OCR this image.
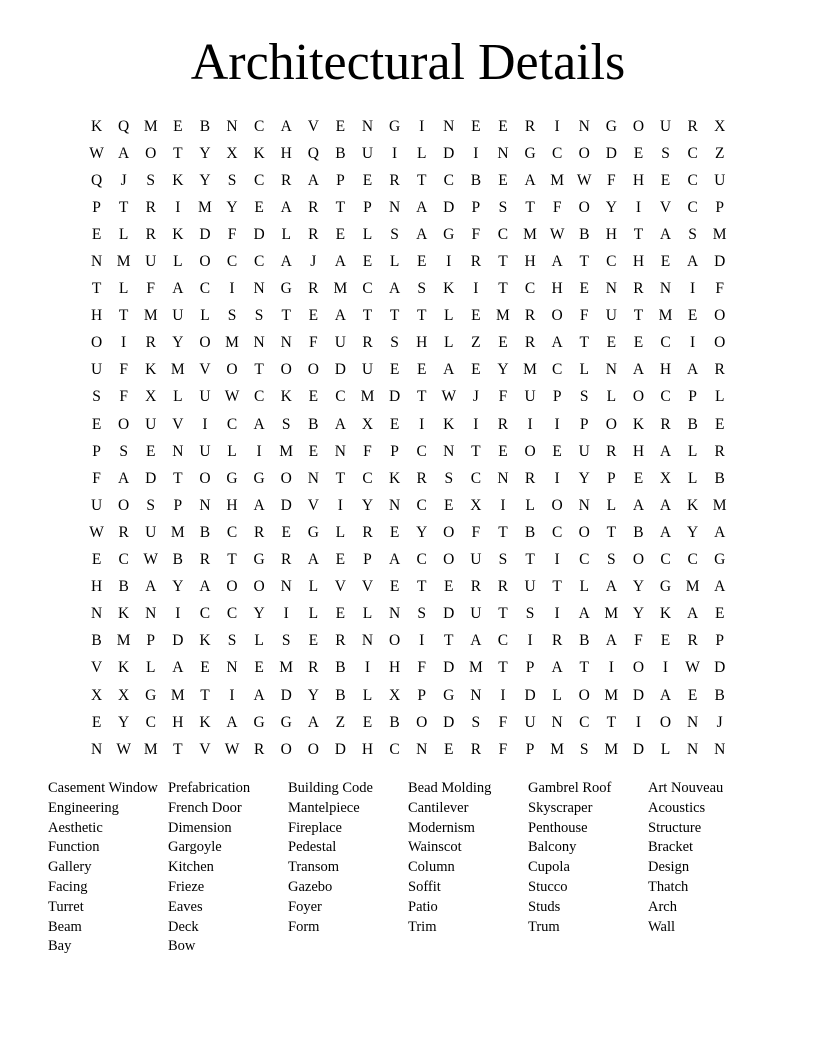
Architectural Details
K	Q M E	B	N	C	A	V	E	N	G	I	N	E	E	R	I	N	G	O	U	R	X
W A	O	T	Y	X	K	H	Q	B	U	I	L	D	I	N	G	C	O	D	E	S	C	Z
Q	J	S	K	Y	S	C	R	A	P	E	R	T	C	B	E	A M W F	H	E	C	U
P	T	R	I	M Y	E	A	R	T	P	N	A	D	P	S	T	F	O	Y	I	V	C	P
E	L	R	K	D	F	D	L	R	E	L	S	A	G	F	C M W B	H	T	A	S	M
N M U	L	O	C	C	A	J	A	E	L	E	I	R	T	H	A	T	C	H	E	A	D
T	L	F	A	C	I	N	G	R M C	A	S	K	I	T	C	H	E	N	R	N	I	F
H	T M U	L	S	S	T	E	A	T	T	T	L	E M R	O	F	U	T M E	O
O	I	R	Y	O M N	N	F	U	R	S	H	L	Z	E	R	A	T	E	E	C	I	O
U	F	K M V	O	T	O	O	D	U	E	E	A	E	Y M C	L	N	A	H	A	R
S	F	X	L	U W C	K	E	C M D	T W	J	F	U	P	S	L	O	C	P	L
E	O	U	V	I	C	A	S	B	A	X	E	I	K	I	R	I	I	P	O	K	R	B	E
P	S	E	N	U	L	I	M E	N	F	P	C	N	T	E	O	E	U	R	H	A	L	R
F	A	D	T	O	G	G	O	N	T	C	K	R	S	C	N	R	I	Y	P	E	X	L	B
U	O	S	P	N	H	A	D	V	I	Y	N	C	E	X	I	L	O	N	L	A	A	K M
W R	U M B	C	R	E	G	L	R	E	Y	O	F	T	B	C	O	T	B	A	Y	A
E	C W B	R	T	G	R	A	E	P	A	C	O	U	S	T	I	C	S	O	C	C	G
H	B	A	Y	A	O	O	N	L	V	V	E	T	E	R	R	U	T	L	A	Y	G M A
N	K	N	I	C	C	Y	I	L	E	L	N	S	D	U	T	S	I	A M Y	K	A	E
B M	P	D	K	S	L	S	E	R	N	O	I	T	A	C	I	R	B	A	F	E	R	P
V	K	L	A	E	N	E M R	B	I	H	F	D M T	P	A	T	I	O	I	W D
X	X	G M T	I	A	D	Y	B	L	X	P	G	N	I	D	L	O M D	A	E	B
E	Y	C	H	K	A	G	G	A	Z	E	B	O	D	S	F	U	N	C	T	I	O	N	J
N W M T	V W R	O	O	D	H	C	N	E	R	F	P	M	S	M D	L	N	N
Casement Window
Engineering
Aesthetic
Function
Gallery
Facing
Turret
Beam
Bay
Prefabrication
French Door
Dimension
Gargoyle
Kitchen
Frieze
Eaves
Deck
Bow
Building Code
Mantelpiece
Fireplace
Pedestal
Transom
Gazebo
Foyer
Form
Bead Molding
Cantilever
Modernism
Wainscot
Column
Soffit
Patio
Trim
Gambrel Roof
Skyscraper
Penthouse
Balcony
Cupola
Stucco
Studs
Trum
Art Nouveau
Acoustics
Structure
Bracket
Design
Thatch
Arch
Wall
